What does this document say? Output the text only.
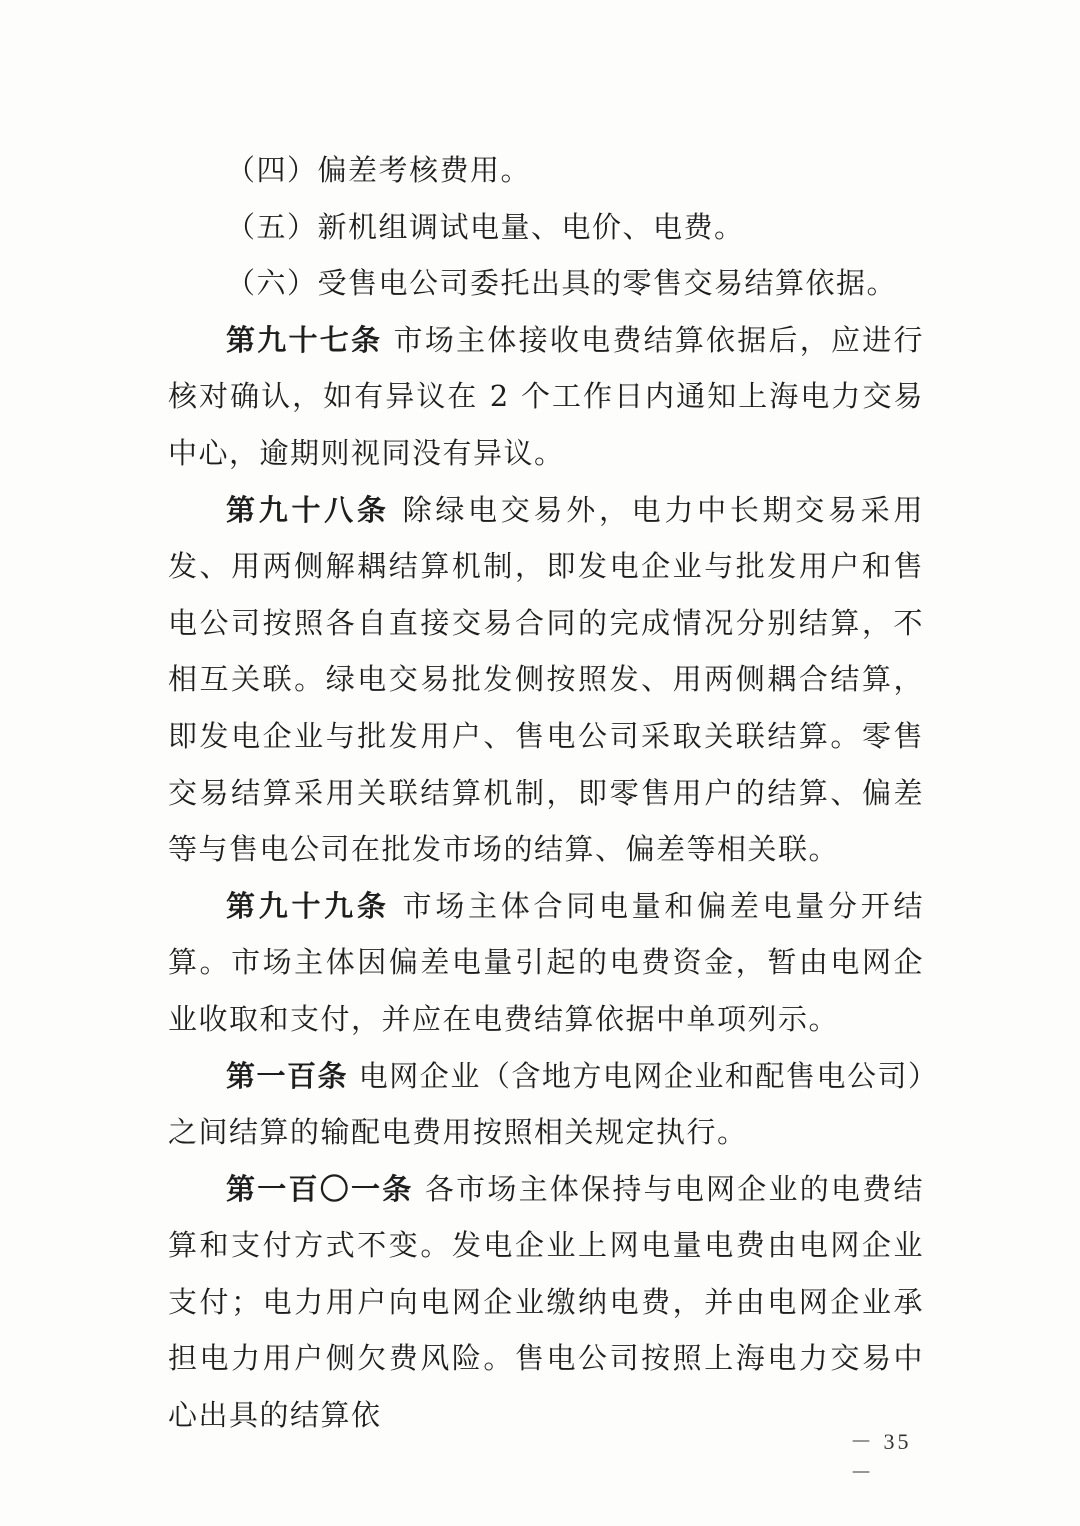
（四）偏差考核费用。

（五）新机组调试电量、电价、电费。

（六）受售电公司委托出具的零售交易结算依据。

第九十七条 市场主体接收电费结算依据后，应进行核对确认，如有异议在 2 个工作日内通知上海电力交易中心，逾期则视同没有异议。

第九十八条 除绿电交易外，电力中长期交易采用发、用两侧解耦结算机制，即发电企业与批发用户和售电公司按照各自直接交易合同的完成情况分别结算，不相互关联。绿电交易批发侧按照发、用两侧耦合结算，即发电企业与批发用户、售电公司采取关联结算。零售交易结算采用关联结算机制，即零售用户的结算、偏差等与售电公司在批发市场的结算、偏差等相关联。

第九十九条 市场主体合同电量和偏差电量分开结算。市场主体因偏差电量引起的电费资金，暂由电网企业收取和支付，并应在电费结算依据中单项列示。

第一百条 电网企业（含地方电网企业和配售电公司）之间结算的输配电费用按照相关规定执行。

第一百〇一条 各市场主体保持与电网企业的电费结算和支付方式不变。发电企业上网电量电费由电网企业支付；电力用户向电网企业缴纳电费，并由电网企业承担电力用户侧欠费风险。售电公司按照上海电力交易中心出具的结算依

－ 35 －
